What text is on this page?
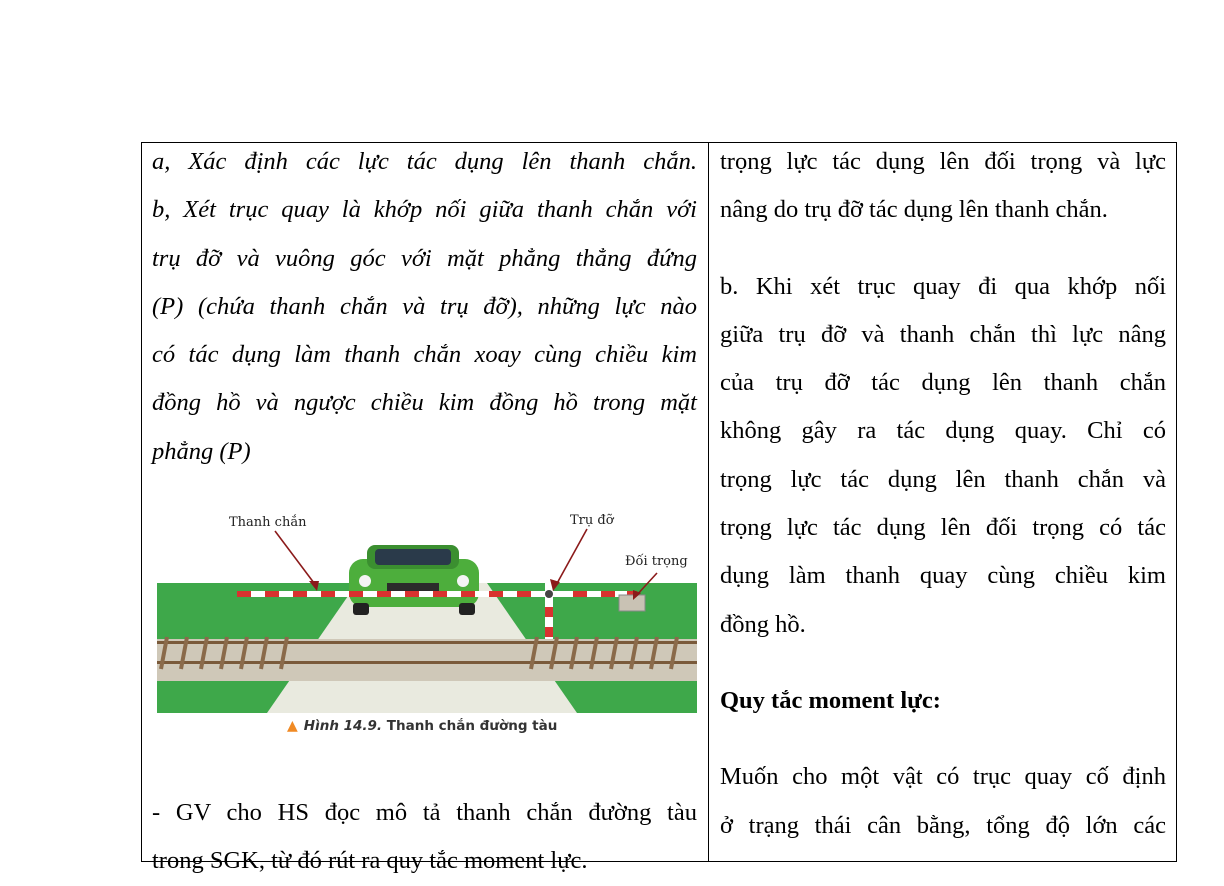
a, Xác định các lực tác dụng lên thanh chắn.

b, Xét trục quay là khớp nối giữa thanh chắn với

trụ đỡ và vuông góc với mặt phẳng thẳng đứng

(P) (chứa thanh chắn và trụ đỡ), những lực nào

có tác dụng làm thanh chắn xoay cùng chiều kim

đồng hồ và ngược chiều kim đồng hồ trong mặt

phẳng (P)

- GV cho HS đọc mô tả thanh chắn đường tàu

trong SGK, từ đó rút ra quy tắc moment lực.

Thanh chắn	Trụ đỡ
Đối trọng
▲ Hình 14.9. Thanh chắn đường tàu

trọng lực tác dụng lên đối trọng và lực

nâng do trụ đỡ tác dụng lên thanh chắn.

b. Khi xét trục quay đi qua khớp nối

giữa trụ đỡ và thanh chắn thì lực nâng

của trụ đỡ tác dụng lên thanh chắn

không gây ra tác dụng quay. Chỉ có

trọng lực tác dụng lên thanh chắn và

trọng lực tác dụng lên đối trọng có tác

dụng làm thanh quay cùng chiều kim

đồng hồ.

Quy tắc moment lực:

Muốn cho một vật có trục quay cố định

ở trạng thái cân bằng, tổng độ lớn các
